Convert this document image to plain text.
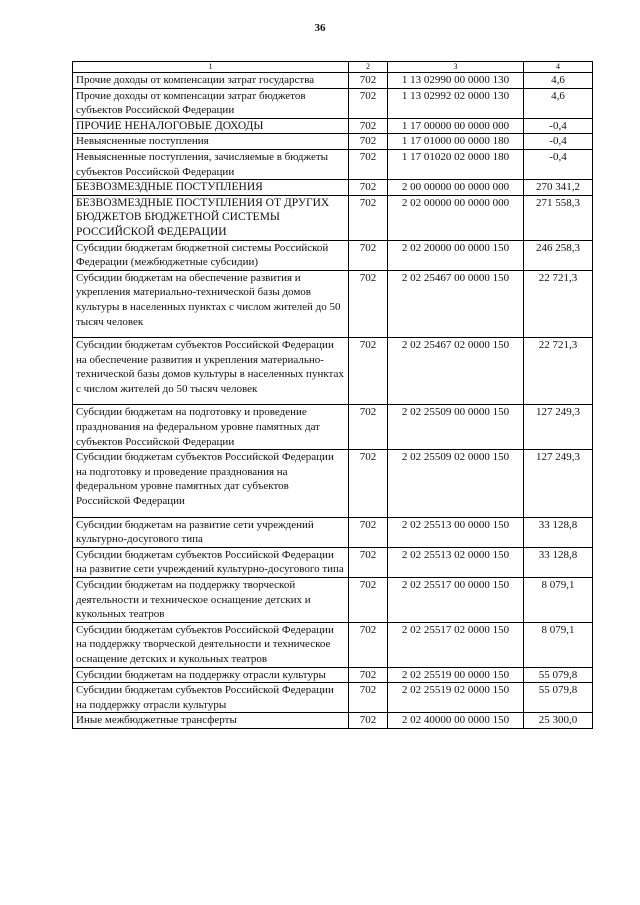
36
1	2	3	4
Прочие доходы от компенсации затрат государства	702	1 13 02990 00 0000 130	4,6
Прочие доходы от компенсации затрат бюджетов субъектов Российской Федерации	702	1 13 02992 02 0000 130	4,6
ПРОЧИЕ НЕНАЛОГОВЫЕ ДОХОДЫ	702	1 17 00000 00 0000 000	-0,4
Невыясненные поступления	702	1 17 01000 00 0000 180	-0,4
Невыясненные поступления, зачисляемые в бюджеты субъектов Российской Федерации	702	1 17 01020 02 0000 180	-0,4
БЕЗВОЗМЕЗДНЫЕ ПОСТУПЛЕНИЯ	702	2 00 00000 00 0000 000	270 341,2
БЕЗВОЗМЕЗДНЫЕ ПОСТУПЛЕНИЯ ОТ ДРУГИХ БЮДЖЕТОВ БЮДЖЕТНОЙ СИСТЕМЫ РОССИЙСКОЙ ФЕДЕРАЦИИ	702	2 02 00000 00 0000 000	271 558,3
Субсидии бюджетам бюджетной системы Российской Федерации (межбюджетные субсидии)	702	2 02 20000 00 0000 150	246 258,3
Субсидии бюджетам на обеспечение развития и укрепления материально-технической базы домов культуры в населенных пунктах с числом жителей до 50 тысяч человек	702	2 02 25467 00 0000 150	22 721,3
Субсидии бюджетам субъектов Российской Федерации на обеспечение развития и укрепления материально-технической базы домов культуры в населенных пунктах с числом жителей до 50 тысяч человек	702	2 02 25467 02 0000 150	22 721,3
Субсидии бюджетам на подготовку и проведение празднования на федеральном уровне памятных дат субъектов Российской Федерации	702	2 02 25509 00 0000 150	127 249,3
Субсидии бюджетам субъектов Российской Федерации на подготовку и проведение празднования на федеральном уровне памятных дат субъектов Российской Федерации	702	2 02 25509 02 0000 150	127 249,3
Субсидии бюджетам на развитие сети учреждений культурно-досугового типа	702	2 02 25513 00 0000 150	33 128,8
Субсидии бюджетам субъектов Российской Федерации на развитие сети учреждений культурно-досугового типа	702	2 02 25513 02 0000 150	33 128,8
Субсидии бюджетам на поддержку творческой деятельности и техническое оснащение детских и кукольных театров	702	2 02 25517 00 0000 150	8 079,1
Субсидии бюджетам субъектов Российской Федерации на поддержку творческой деятельности и техническое оснащение детских и кукольных театров	702	2 02 25517 02 0000 150	8 079,1
Субсидии бюджетам на поддержку отрасли культуры	702	2 02 25519 00 0000 150	55 079,8
Субсидии бюджетам субъектов Российской Федерации на поддержку отрасли культуры	702	2 02 25519 02 0000 150	55 079,8
Иные межбюджетные трансферты	702	2 02 40000 00 0000 150	25 300,0
